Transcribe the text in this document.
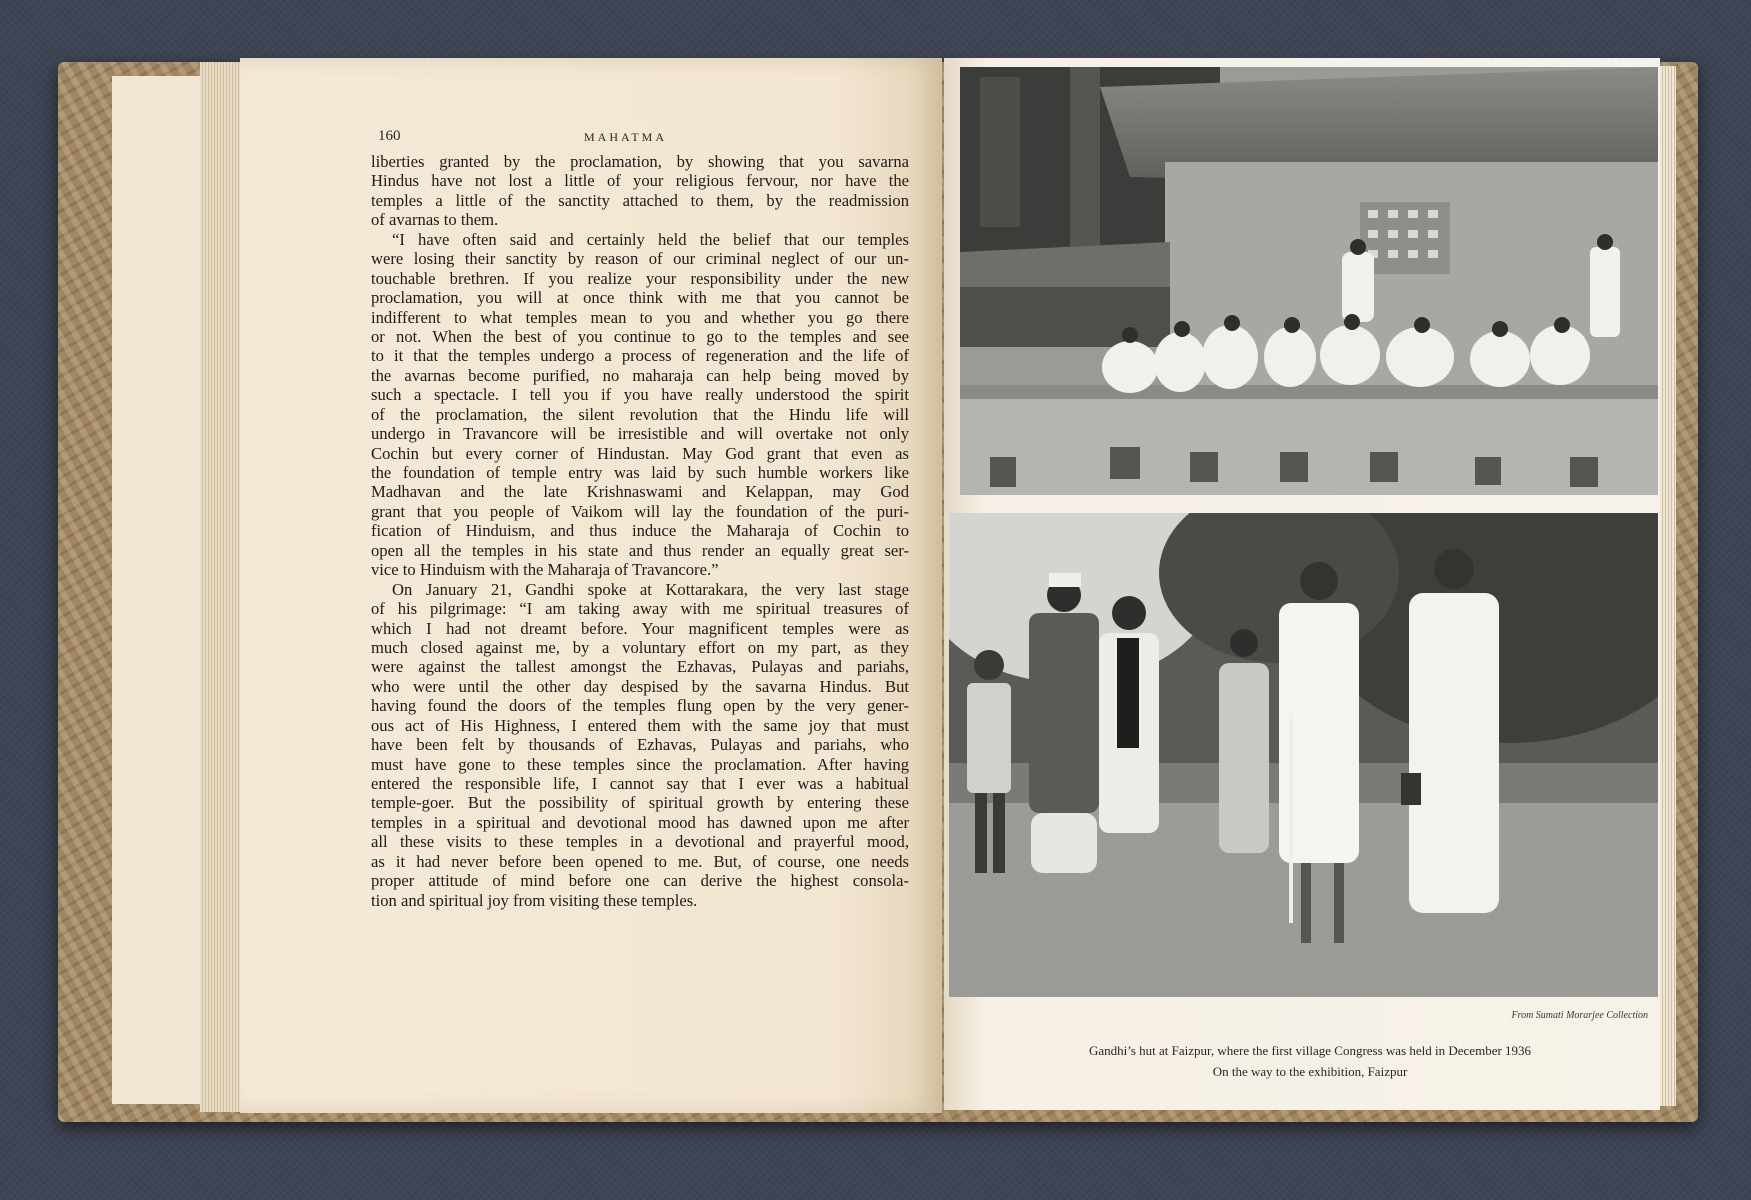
160	MAHATMA
liberties granted by the proclamation, by showing that you savarna
Hindus have not lost a little of your religious fervour, nor have the
temples a little of the sanctity attached to them, by the readmission
of avarnas to them.
“I have often said and certainly held the belief that our temples
were losing their sanctity by reason of our criminal neglect of our un-
touchable brethren. If you realize your responsibility under the new
proclamation, you will at once think with me that you cannot be
indifferent to what temples mean to you and whether you go there
or not. When the best of you continue to go to the temples and see
to it that the temples undergo a process of regeneration and the life of
the avarnas become purified, no maharaja can help being moved by
such a spectacle. I tell you if you have really understood the spirit
of the proclamation, the silent revolution that the Hindu life will
undergo in Travancore will be irresistible and will overtake not only
Cochin but every corner of Hindustan. May God grant that even as
the foundation of temple entry was laid by such humble workers like
Madhavan and the late Krishnaswami and Kelappan, may God
grant that you people of Vaikom will lay the foundation of the puri-
fication of Hinduism, and thus induce the Maharaja of Cochin to
open all the temples in his state and thus render an equally great ser-
vice to Hinduism with the Maharaja of Travancore.”
On January 21, Gandhi spoke at Kottarakara, the very last stage
of his pilgrimage: “I am taking away with me spiritual treasures of
which I had not dreamt before. Your magnificent temples were as
much closed against me, by a voluntary effort on my part, as they
were against the tallest amongst the Ezhavas, Pulayas and pariahs,
who were until the other day despised by the savarna Hindus. But
having found the doors of the temples flung open by the very gener-
ous act of His Highness, I entered them with the same joy that must
have been felt by thousands of Ezhavas, Pulayas and pariahs, who
must have gone to these temples since the proclamation. After having
entered the responsible life, I cannot say that I ever was a habitual
temple-goer. But the possibility of spiritual growth by entering these
temples in a spiritual and devotional mood has dawned upon me after
all these visits to these temples in a devotional and prayerful mood,
as it had never before been opened to me. But, of course, one needs
proper attitude of mind before one can derive the highest consola-
tion and spiritual joy from visiting these temples.
From Sumati Morarjee Collection
Gandhi’s hut at Faizpur, where the first village Congress was held in December 1936
On the way to the exhibition, Faizpur
